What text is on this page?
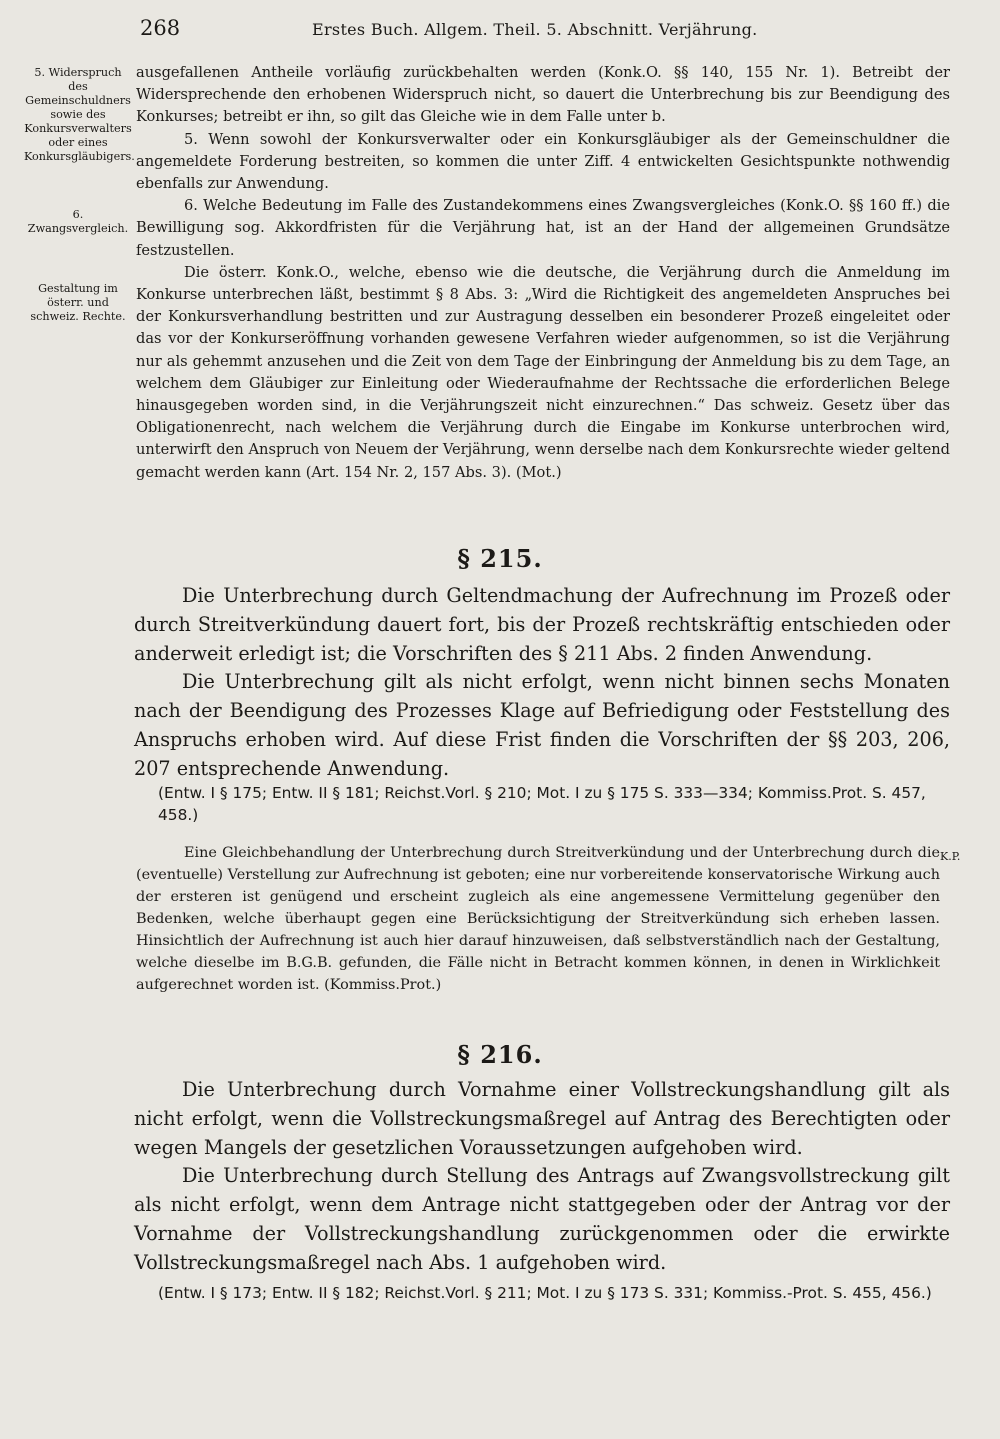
268	Erstes Buch. Allgem. Theil. 5. Abschnitt. Verjährung.
5. Widerspruch des Gemeinschuldners sowie des Konkursverwalters oder eines Konkursgläubigers.
6. Zwangsvergleich.
Gestaltung im österr. und schweiz. Rechte.
K.P.

ausgefallenen Antheile vorläufig zurückbehalten werden (Konk.O. §§ 140, 155 Nr. 1). Betreibt der Widersprechende den erhobenen Widerspruch nicht, so dauert die Unterbrechung bis zur Beendigung des Konkurses; betreibt er ihn, so gilt das Gleiche wie in dem Falle unter b.

5. Wenn sowohl der Konkursverwalter oder ein Konkursgläubiger als der Gemeinschuldner die angemeldete Forderung bestreiten, so kommen die unter Ziff. 4 entwickelten Gesichtspunkte nothwendig ebenfalls zur Anwendung.

6. Welche Bedeutung im Falle des Zustandekommens eines Zwangsvergleiches (Konk.O. §§ 160 ff.) die Bewilligung sog. Akkordfristen für die Verjährung hat, ist an der Hand der allgemeinen Grundsätze festzustellen.

Die österr. Konk.O., welche, ebenso wie die deutsche, die Verjährung durch die Anmeldung im Konkurse unterbrechen läßt, bestimmt § 8 Abs. 3: „Wird die Richtigkeit des angemeldeten Anspruches bei der Konkursverhandlung bestritten und zur Austragung desselben ein besonderer Prozeß eingeleitet oder das vor der Konkurseröffnung vorhanden gewesene Verfahren wieder aufgenommen, so ist die Verjährung nur als gehemmt anzusehen und die Zeit von dem Tage der Einbringung der Anmeldung bis zu dem Tage, an welchem dem Gläubiger zur Einleitung oder Wiederaufnahme der Rechtssache die erforderlichen Belege hinausgegeben worden sind, in die Verjährungszeit nicht einzurechnen.“ Das schweiz. Gesetz über das Obligationenrecht, nach welchem die Verjährung durch die Eingabe im Konkurse unterbrochen wird, unterwirft den Anspruch von Neuem der Verjährung, wenn derselbe nach dem Konkursrechte wieder geltend gemacht werden kann (Art. 154 Nr. 2, 157 Abs. 3). (Mot.)

§ 215.

Die Unterbrechung durch Geltendmachung der Aufrechnung im Prozeß oder durch Streitverkündung dauert fort, bis der Prozeß rechtskräftig entschieden oder anderweit erledigt ist; die Vorschriften des § 211 Abs. 2 finden Anwendung.

Die Unterbrechung gilt als nicht erfolgt, wenn nicht binnen sechs Monaten nach der Beendigung des Prozesses Klage auf Befriedigung oder Feststellung des Anspruchs erhoben wird. Auf diese Frist finden die Vorschriften der §§ 203, 206, 207 entsprechende Anwendung.

(Entw. I § 175; Entw. II § 181; Reichst.Vorl. § 210; Mot. I zu § 175 S. 333—334; Kommiss.Prot. S. 457, 458.)

Eine Gleichbehandlung der Unterbrechung durch Streitverkündung und der Unterbrechung durch die (eventuelle) Verstellung zur Aufrechnung ist geboten; eine nur vorbereitende konservatorische Wirkung auch der ersteren ist genügend und erscheint zugleich als eine angemessene Vermittelung gegenüber den Bedenken, welche überhaupt gegen eine Berücksichtigung der Streitverkündung sich erheben lassen. Hinsichtlich der Aufrechnung ist auch hier darauf hinzuweisen, daß selbstverständlich nach der Gestaltung, welche dieselbe im B.G.B. gefunden, die Fälle nicht in Betracht kommen können, in denen in Wirklichkeit aufgerechnet worden ist. (Kommiss.Prot.)

§ 216.

Die Unterbrechung durch Vornahme einer Vollstreckungshandlung gilt als nicht erfolgt, wenn die Vollstreckungsmaßregel auf Antrag des Berechtigten oder wegen Mangels der gesetzlichen Voraussetzungen aufgehoben wird.

Die Unterbrechung durch Stellung des Antrags auf Zwangsvollstreckung gilt als nicht erfolgt, wenn dem Antrage nicht stattgegeben oder der Antrag vor der Vornahme der Vollstreckungshandlung zurückgenommen oder die erwirkte Vollstreckungsmaßregel nach Abs. 1 aufgehoben wird.

(Entw. I § 173; Entw. II § 182; Reichst.Vorl. § 211; Mot. I zu § 173 S. 331; Kommiss.-Prot. S. 455, 456.)
